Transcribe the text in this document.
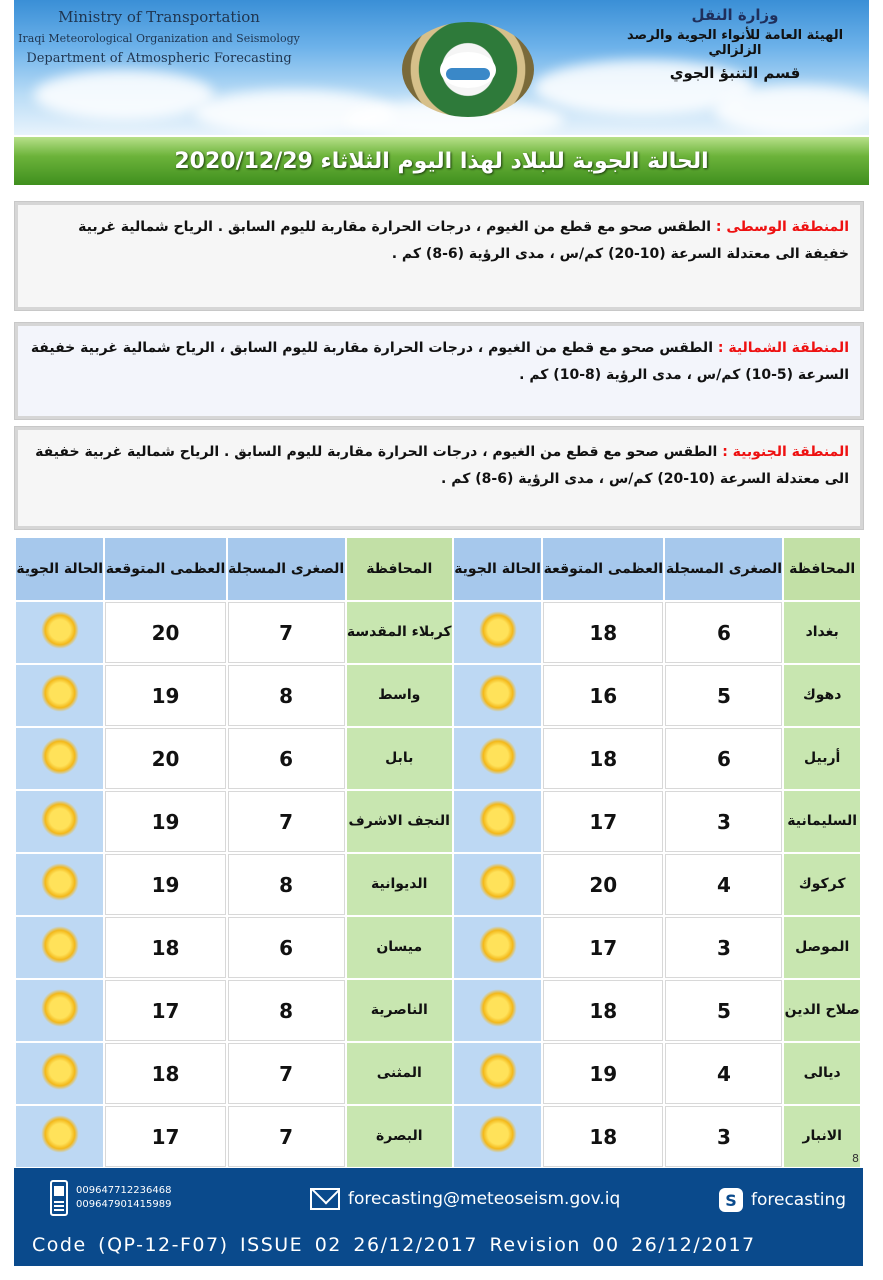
Ministry of Transportation
Iraqi Meteorological Organization and Seismology
Department of Atmospheric Forecasting
وزارة النقل
الهيئة العامة للأنواء الجوية والرصد الزلزالي
قسم التنبؤ الجوي
الحالة الجوية للبلاد لهذا اليوم الثلاثاء 2020/12/29
المنطقة الوسطى : الطقس صحو مع قطع من الغيوم ، درجات الحرارة مقاربة لليوم السابق . الرياح شمالية غربية خفيفة الى معتدلة السرعة (10-20) كم/س ، مدى الرؤية (6-8) كم .
المنطقة الشمالية : الطقس صحو مع قطع من الغيوم ، درجات الحرارة مقاربة لليوم السابق ، الرياح شمالية غربية خفيفة السرعة (5-10) كم/س ، مدى الرؤية (8-10) كم .
المنطقة الجنوبية : الطقس صحو مع قطع من الغيوم ، درجات الحرارة مقاربة لليوم السابق . الرياح شمالية غربية خفيفة الى معتدلة السرعة (10-20) كم/س ، مدى الرؤية (6-8) كم .
المحافظة	الصغرى المسجلة	العظمى المتوقعة	الحالة الجوية	المحافظة	الصغرى المسجلة	العظمى المتوقعة	الحالة الجوية
بغداد	6	18		كربلاء المقدسة	7	20	
دهوك	5	16		واسط	8	19	
أربيل	6	18		بابل	6	20	
السليمانية	3	17		النجف الاشرف	7	19	
كركوك	4	20		الديوانية	8	19	
الموصل	3	17		ميسان	6	18	
صلاح الدين	5	18		الناصرية	8	17	
ديالى	4	19		المثنى	7	18	
الانبار	3	18		البصرة	7	17	
8
009647712236468
009647901415989	forecasting@meteoseism.gov.iq	S forecasting
Code (QP-12-F07) ISSUE 02 26/12/2017 Revision 00 26/12/2017
